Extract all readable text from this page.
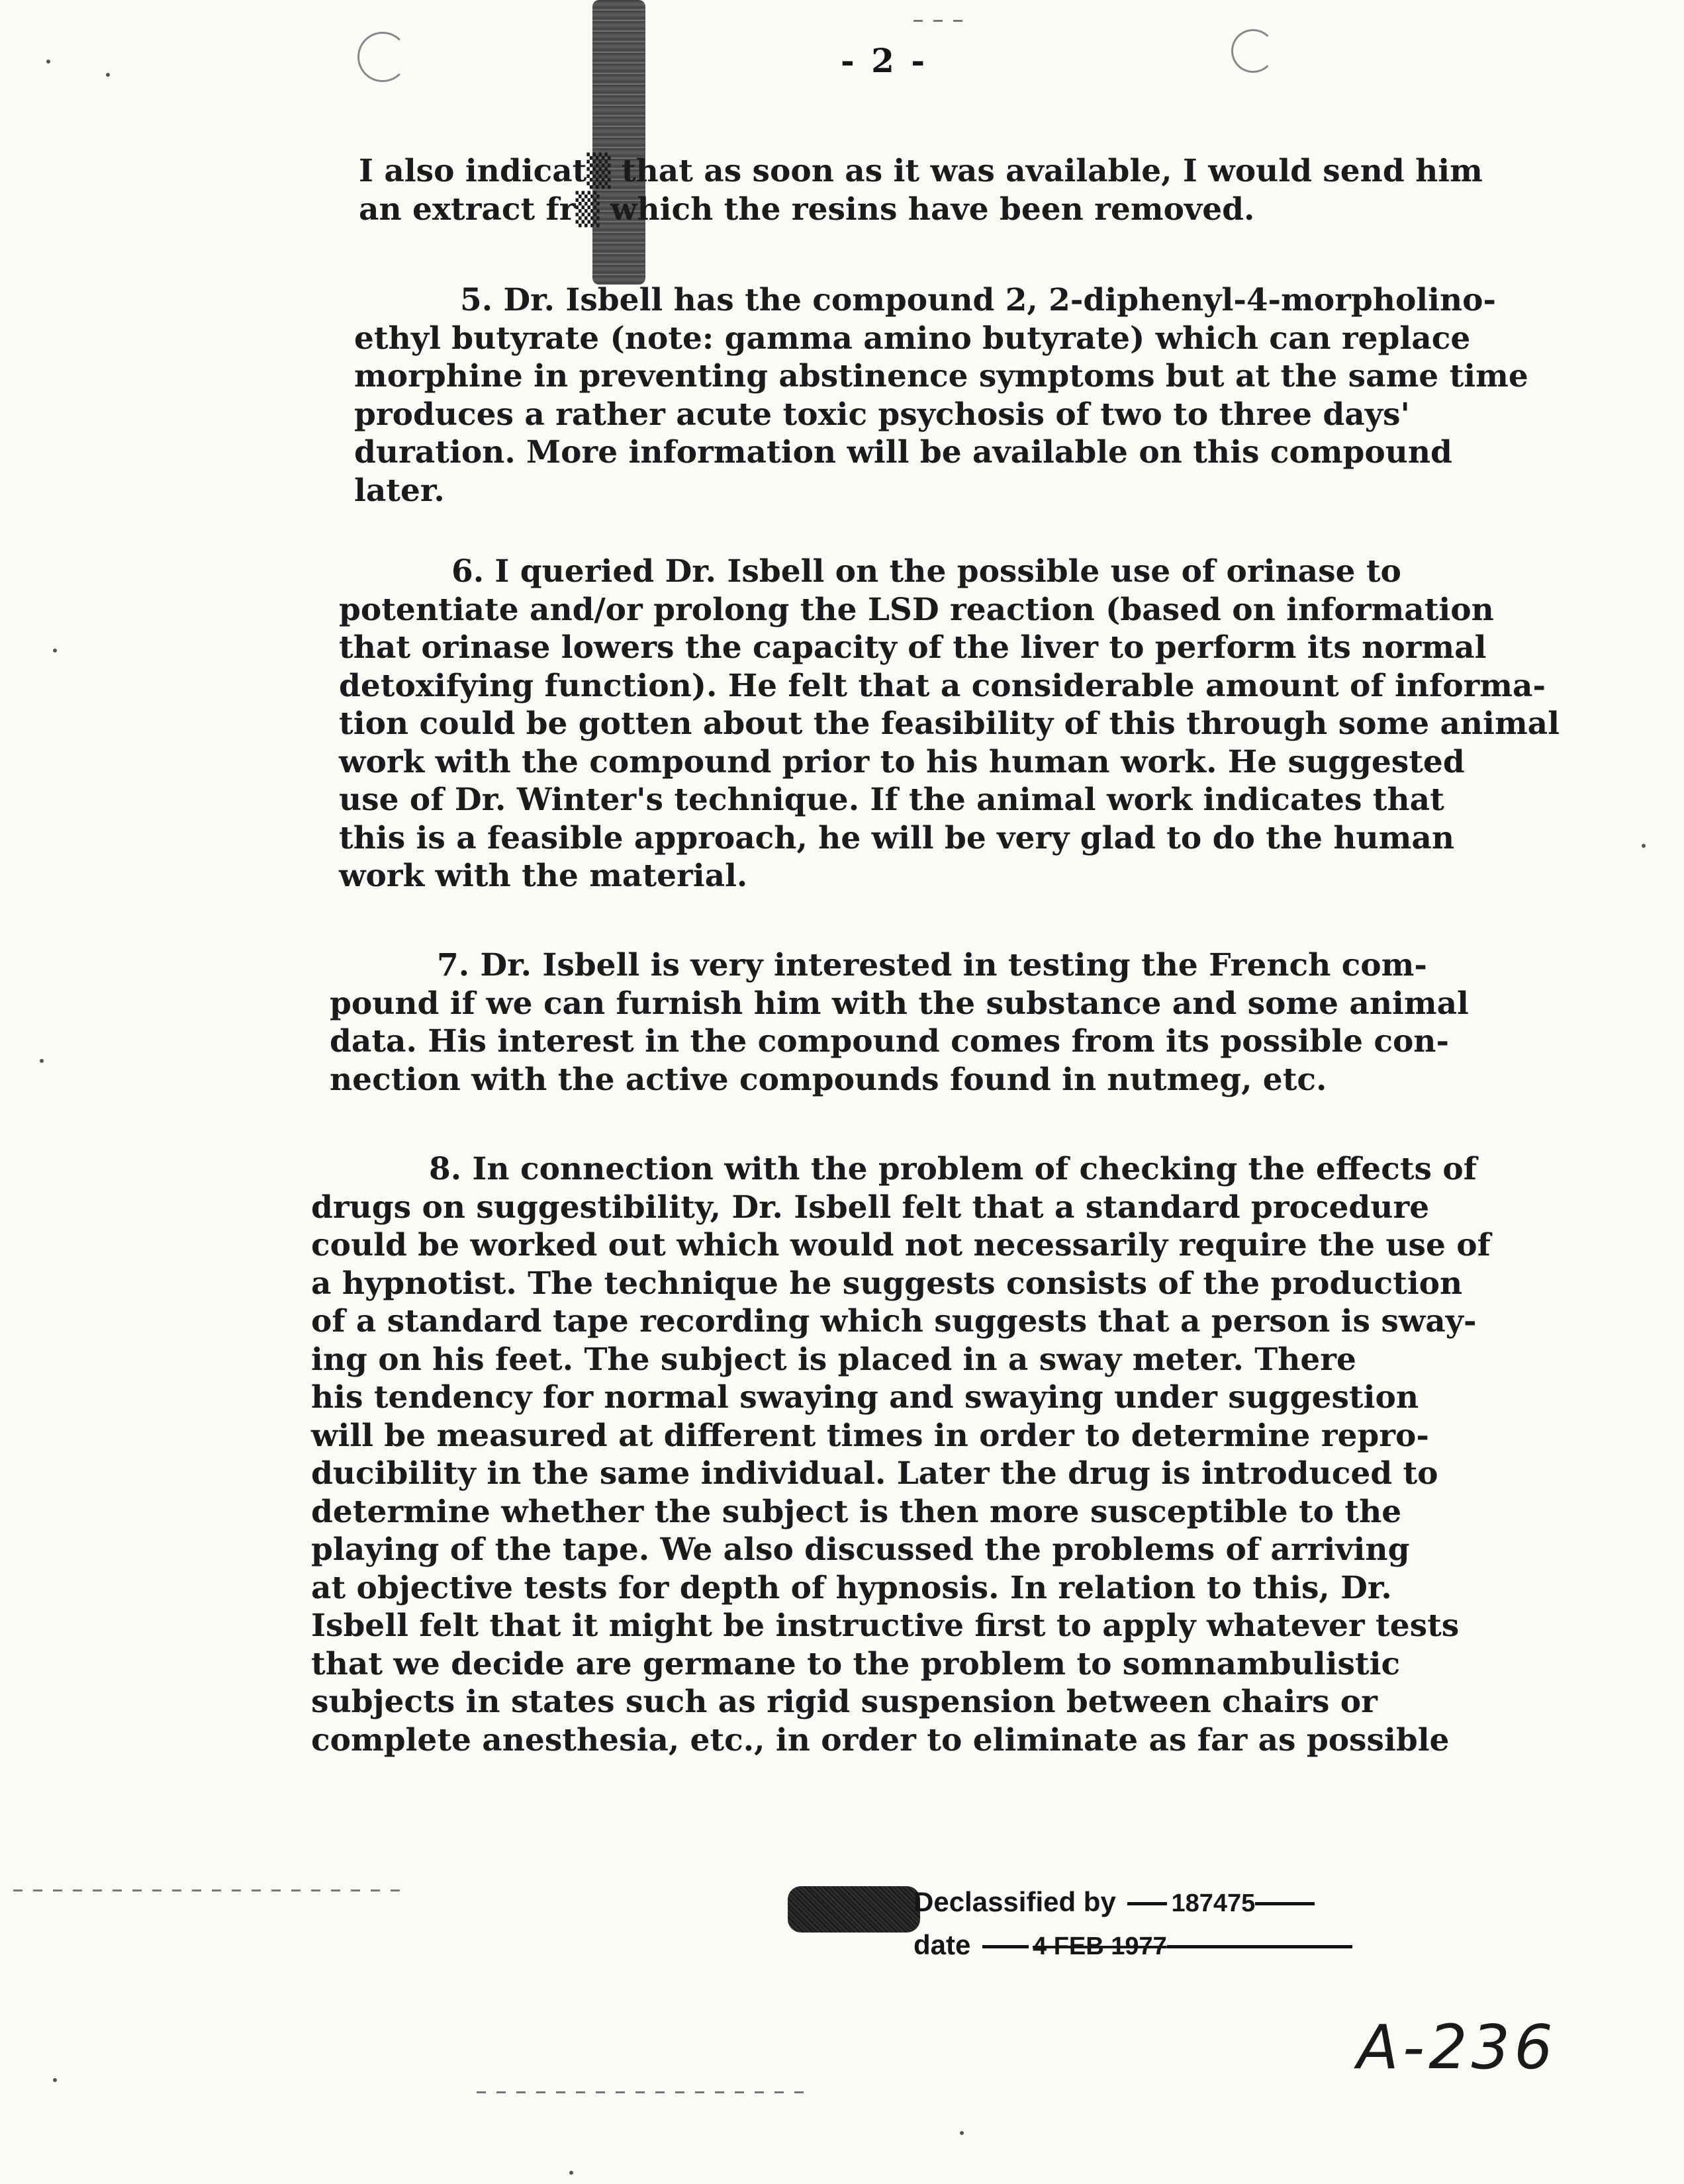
- 2 -
I also indicat▒ that as soon as it was available, I would send him
an extract fr▒ which the resins have been removed.
5. Dr. Isbell has the compound 2, 2-diphenyl-4-morpholino-
ethyl butyrate (note: gamma amino butyrate) which can replace
morphine in preventing abstinence symptoms but at the same time
produces a rather acute toxic psychosis of two to three days'
duration. More information will be available on this compound
later.
6. I queried Dr. Isbell on the possible use of orinase to
potentiate and/or prolong the LSD reaction (based on information
that orinase lowers the capacity of the liver to perform its normal
detoxifying function). He felt that a considerable amount of informa-
tion could be gotten about the feasibility of this through some animal
work with the compound prior to his human work. He suggested
use of Dr. Winter's technique. If the animal work indicates that
this is a feasible approach, he will be very glad to do the human
work with the material.
7. Dr. Isbell is very interested in testing the French com-
pound if we can furnish him with the substance and some animal
data. His interest in the compound comes from its possible con-
nection with the active compounds found in nutmeg, etc.
8. In connection with the problem of checking the effects of
drugs on suggestibility, Dr. Isbell felt that a standard procedure
could be worked out which would not necessarily require the use of
a hypnotist. The technique he suggests consists of the production
of a standard tape recording which suggests that a person is sway-
ing on his feet. The subject is placed in a sway meter. There
his tendency for normal swaying and swaying under suggestion
will be measured at different times in order to determine repro-
ducibility in the same individual. Later the drug is introduced to
determine whether the subject is then more susceptible to the
playing of the tape. We also discussed the problems of arriving
at objective tests for depth of hypnosis. In relation to this, Dr.
Isbell felt that it might be instructive first to apply whatever tests
that we decide are germane to the problem to somnambulistic
subjects in states such as rigid suspension between chairs or
complete anesthesia, etc., in order to eliminate as far as possible
Declassified by 187475
date 4 FEB 1977
A-236
